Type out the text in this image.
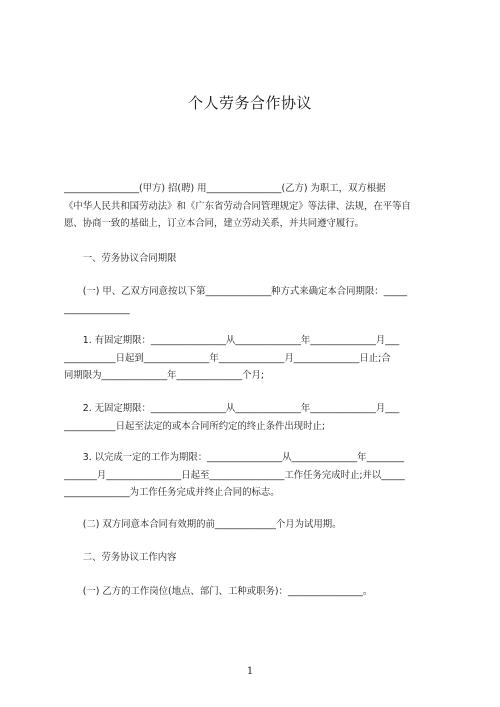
个人劳务合作协议
________________(甲方) 招(聘) 用________________(乙方) 为职工，双方根据
《中华人民共和国劳动法》和《广东省劳动合同管理规定》等法律、法规，在平等自
愿、协商一致的基础上，订立本合同，建立劳动关系，并共同遵守履行。
　　一、劳务协议合同期限
　　(一) 甲、乙双方同意按以下第______________种方式来确定本合同期限：_____
______________
　　1. 有固定期限：________________从______________年______________月___
___________日起到______________年______________月______________日止;合
同期限为______________年______________个月;
　　2. 无固定期限：________________从______________年______________月___
___________日起至法定的或本合同所约定的终止条件出现时止;
　　3. 以完成一定的工作为期限：________________从______________年________
_______月________________日起至________________工作任务完成时止;并以_____
______________为工作任务完成并终止合同的标志。
　　(二) 双方同意本合同有效期的前_____________个月为试用期。
　　二、劳务协议工作内容
　　(一) 乙方的工作岗位(地点、部门、工种或职务)：________________。
1
